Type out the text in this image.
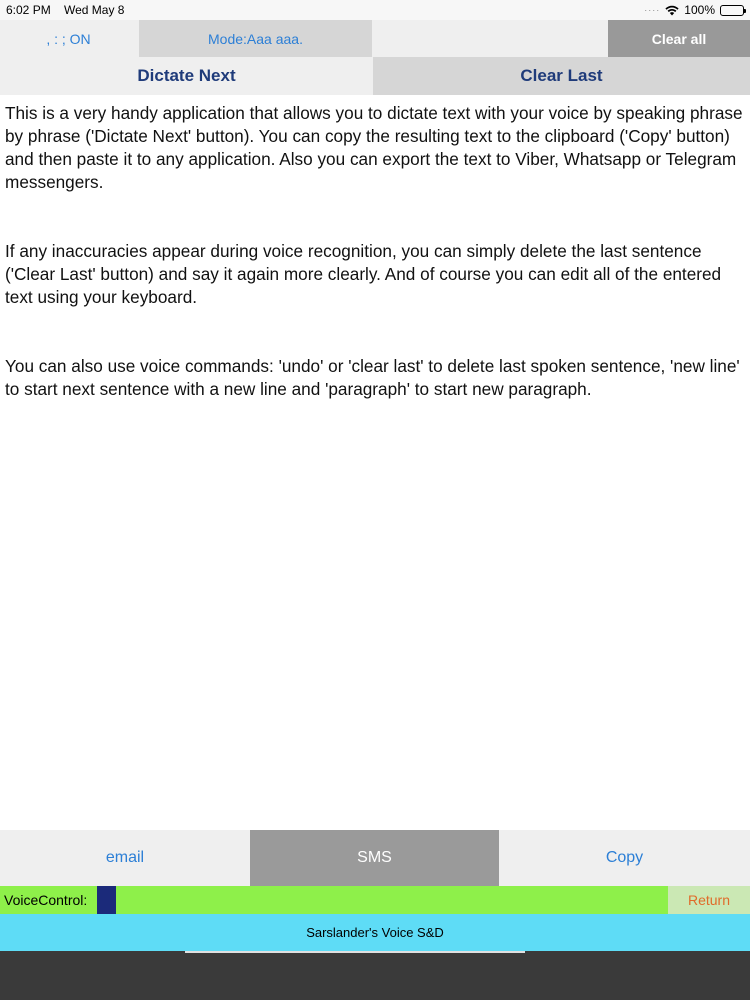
6:02 PM Wed May 8	···· 100%
, : ; ON	Mode:Aaa aaa.	Clear all
Dictate Next	Clear Last

This is a very handy application that allows you to dictate text with your voice by speaking phrase by phrase ('Dictate Next' button). You can copy the resulting text to the clipboard ('Copy' button) and then paste it to any application. Also you can export the text to Viber, Whatsapp or Telegram messengers.

If any inaccuracies appear during voice recognition, you can simply delete the last sentence ('Clear Last' button) and say it again more clearly. And of course you can edit all of the entered text using your keyboard.

You can also use voice commands: 'undo' or 'clear last' to delete last spoken sentence, 'new line' to start next sentence with a new line and 'paragraph' to start new paragraph.

email	SMS	Copy
VoiceControl:	Return
Sarslander's Voice S&D
